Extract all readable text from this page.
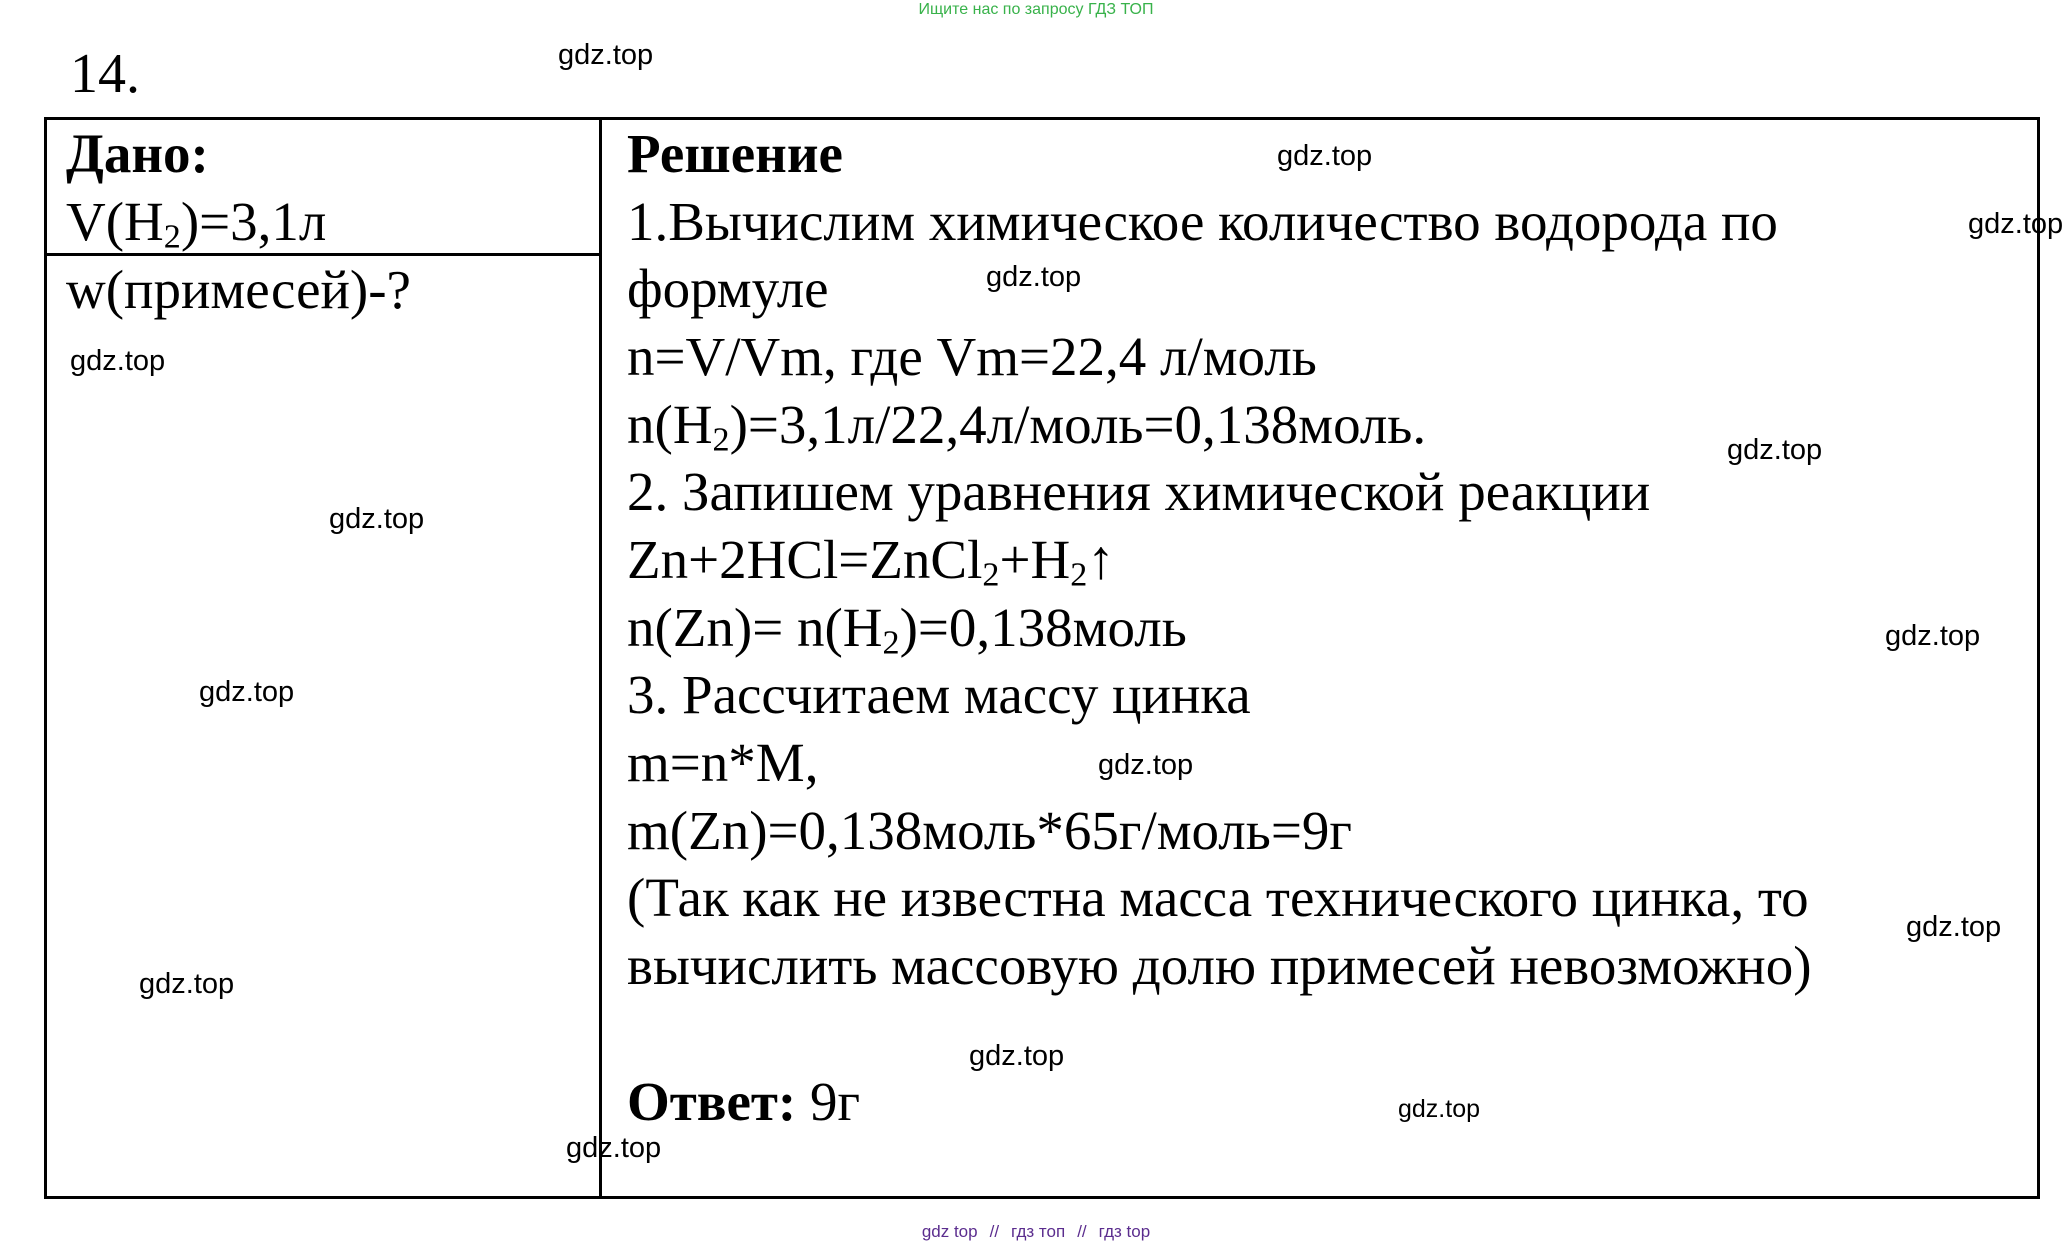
Ищите нас по запросу ГДЗ ТОП
14.
Дано:
$V(H_2)=3,1л$
w(примесей)-?
Решение
1.Вычислим химическое количество водорода по
формуле
n=V/Vm, где Vm=22,4 л/моль
$n(H_2)=3,1л/22,4л/моль=0,138моль$.
2. Запишем уравнения химической реакции
$Zn+2HCl=ZnCl_2+H_2↑$
$n(Zn)= n(H_2)=0,138моль$
3. Рассчитаем массу цинка
m=n*M,
m(Zn)=0,138моль*65г/моль=9г
(Так как не известна масса технического цинка, то
вычислить массовую долю примесей невозможно)
Ответ: 9г
gdz.top
gdz.top
gdz.top
gdz.top
gdz.top
gdz.top
gdz.top
gdz.top
gdz.top
gdz.top
gdz.top
gdz.top
gdz.top
gdz.top
gdz.top
gdz top // гдз топ // гдз top
